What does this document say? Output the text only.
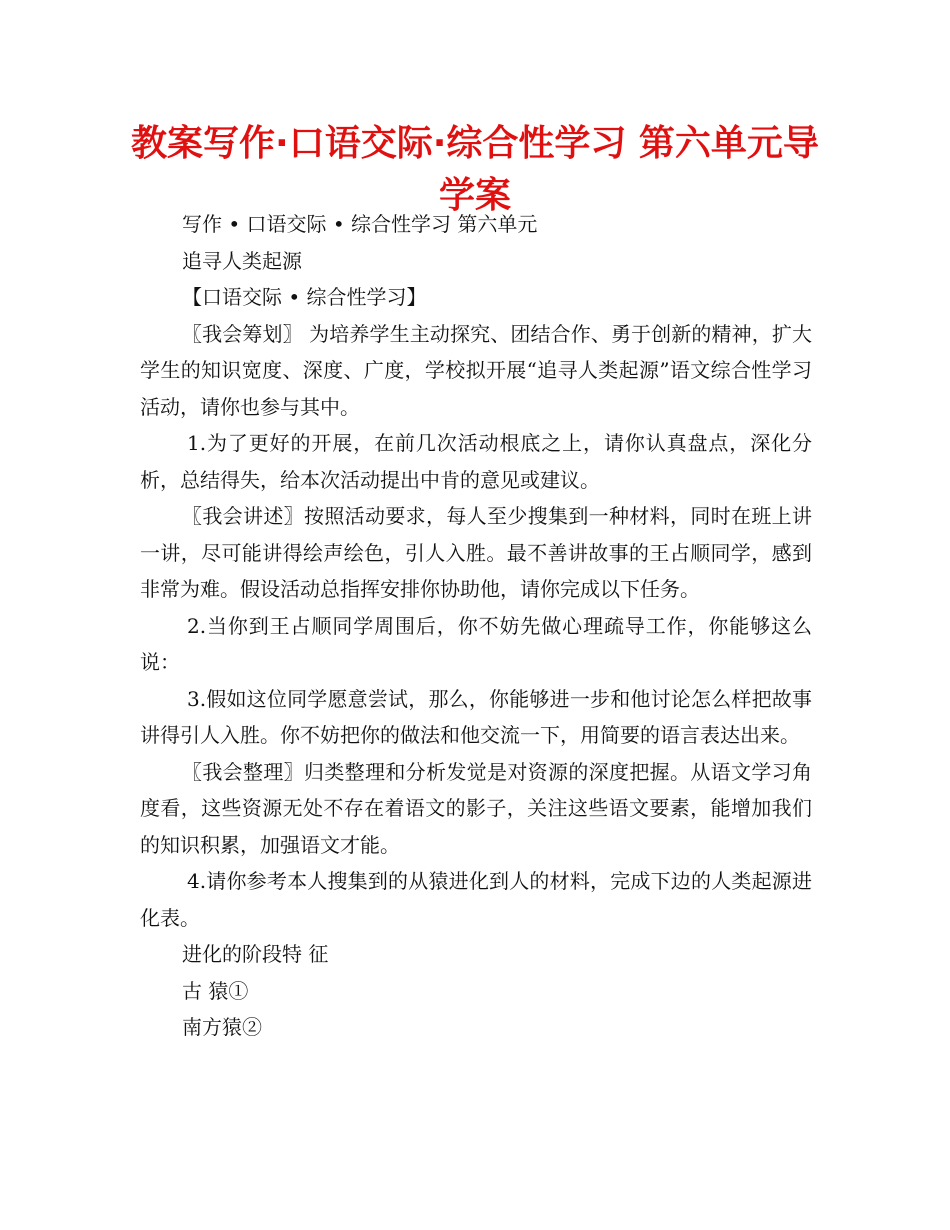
教案写作·口语交际·综合性学习 第六单元导学案

写作 • 口语交际 • 综合性学习 第六单元

追寻人类起源

【口语交际 • 综合性学习】

〖我会筹划〗 为培养学生主动探究、团结合作、勇于创新的精神，扩大学生的知识宽度、深度、广度，学校拟开展“追寻人类起源”语文综合性学习活动，请你也参与其中。

1.为了更好的开展，在前几次活动根底之上，请你认真盘点，深化分析，总结得失，给本次活动提出中肯的意见或建议。

〖我会讲述〗按照活动要求，每人至少搜集到一种材料，同时在班上讲一讲，尽可能讲得绘声绘色，引人入胜。最不善讲故事的王占顺同学，感到非常为难。假设活动总指挥安排你协助他，请你完成以下任务。

2.当你到王占顺同学周围后，你不妨先做心理疏导工作，你能够这么说：

3.假如这位同学愿意尝试，那么，你能够进一步和他讨论怎么样把故事讲得引人入胜。你不妨把你的做法和他交流一下，用简要的语言表达出来。

〖我会整理〗归类整理和分析发觉是对资源的深度把握。从语文学习角度看，这些资源无处不存在着语文的影子，关注这些语文要素，能增加我们的知识积累，加强语文才能。

4.请你参考本人搜集到的从猿进化到人的材料，完成下边的人类起源进化表。

进化的阶段特 征

古 猿①

南方猿②
